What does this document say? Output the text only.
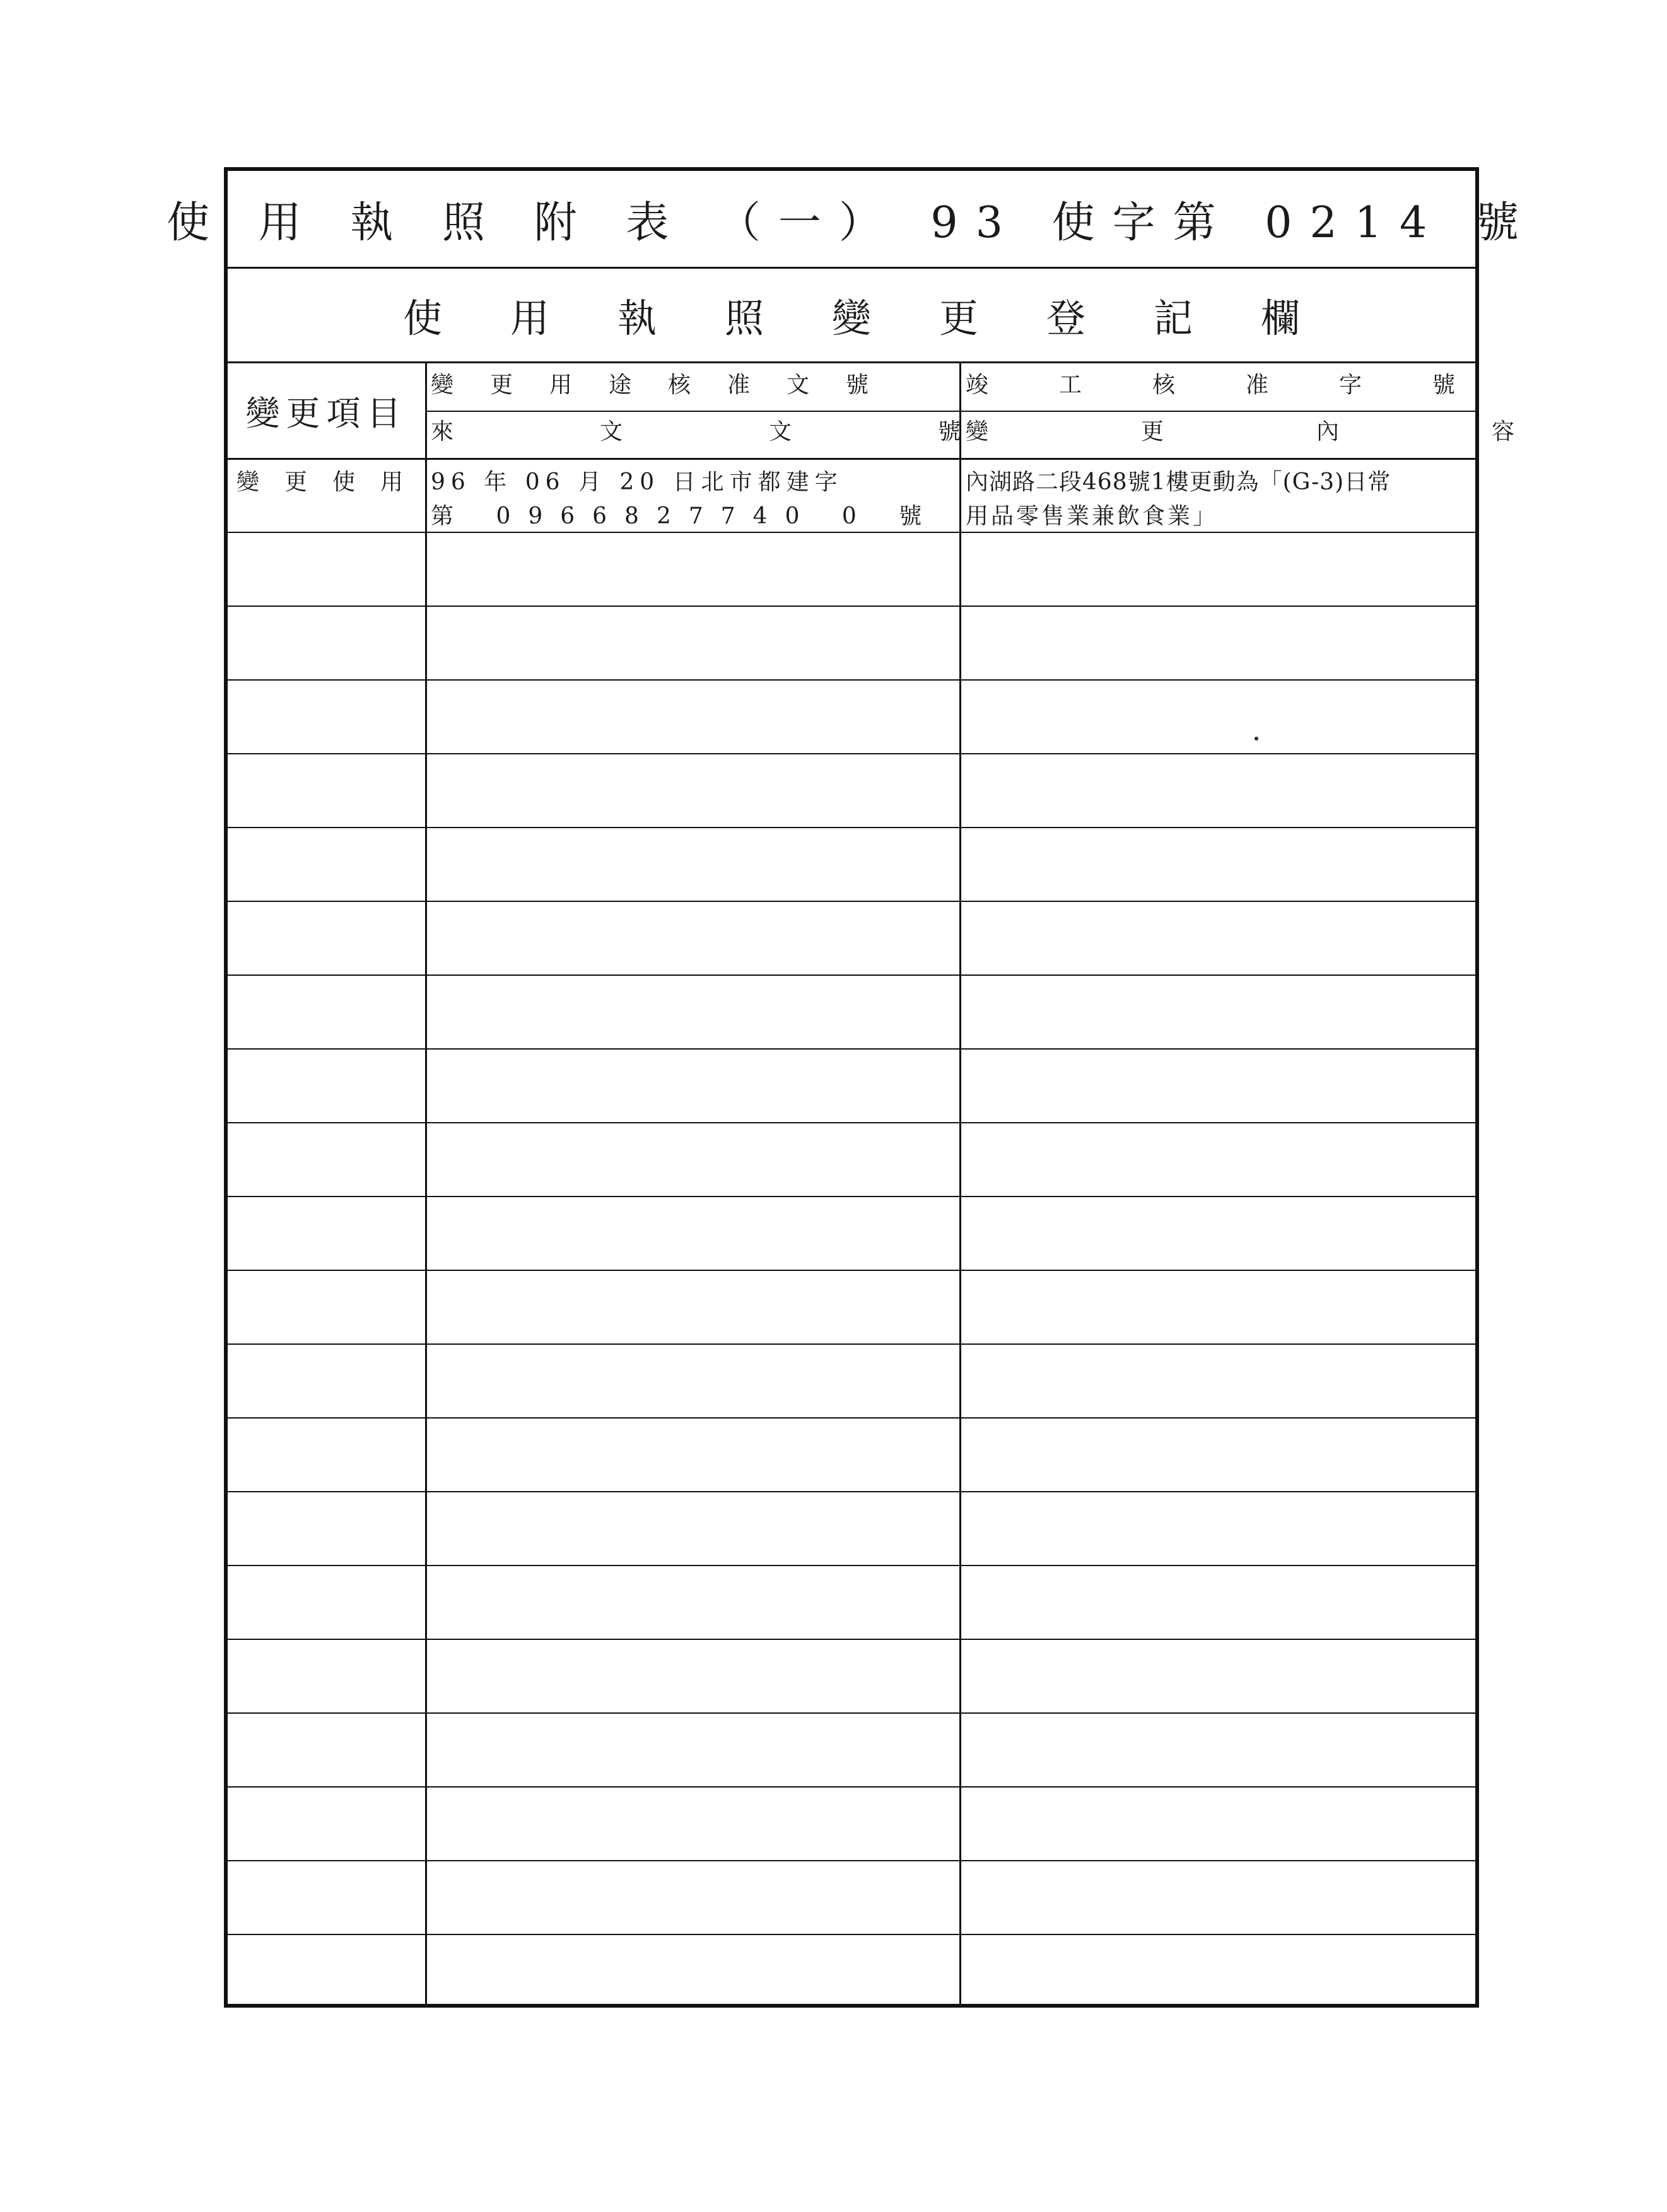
使 用 執 照 附 表 （一） 93 使字第 0214 號
使用執照變更登記欄
變更項目
變更用途核准文號
來文文號
竣工核准字號
變更內容
變更使用 96 年 06 月 20 日北市都建字
第 0966827740 0 號
內湖路二段468號1樓更動為「(G-3)日常
用品零售業兼飲食業」
